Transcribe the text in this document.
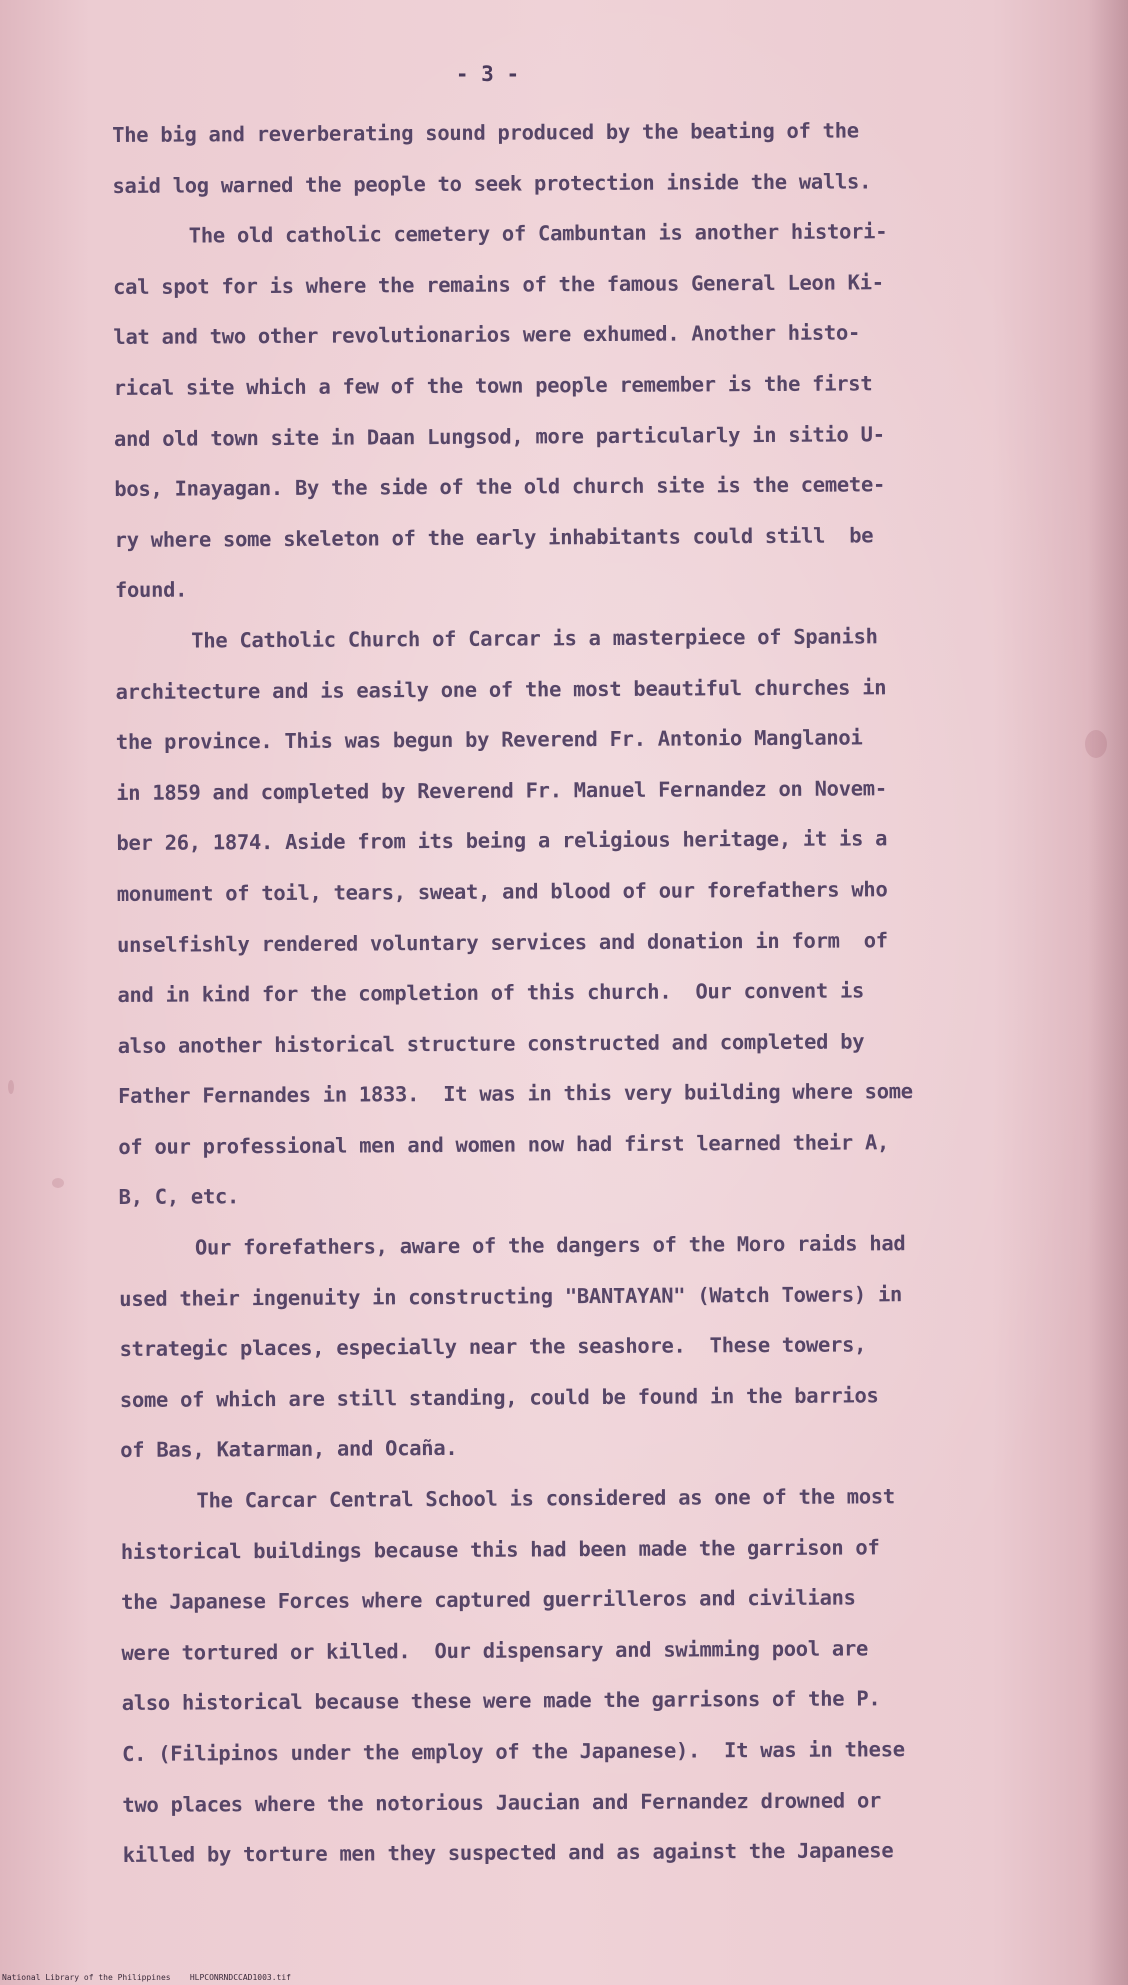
- 3 -
The big and reverberating sound produced by the beating of the
said log warned the people to seek protection inside the walls.
The old catholic cemetery of Cambuntan is another histori-
cal spot for is where the remains of the famous General Leon Ki-
lat and two other revolutionarios were exhumed. Another histo-
rical site which a few of the town people remember is the first
and old town site in Daan Lungsod, more particularly in sitio U-
bos, Inayagan. By the side of the old church site is the cemete-
ry where some skeleton of the early inhabitants could still  be
found.
The Catholic Church of Carcar is a masterpiece of Spanish
architecture and is easily one of the most beautiful churches in
the province. This was begun by Reverend Fr. Antonio Manglanoi
in 1859 and completed by Reverend Fr. Manuel Fernandez on Novem-
ber 26, 1874. Aside from its being a religious heritage, it is a
monument of toil, tears, sweat, and blood of our forefathers who
unselfishly rendered voluntary services and donation in form  of
and in kind for the completion of this church.  Our convent is
also another historical structure constructed and completed by
Father Fernandes in 1833.  It was in this very building where some
of our professional men and women now had first learned their A,
B, C, etc.
Our forefathers, aware of the dangers of the Moro raids had
used their ingenuity in constructing "BANTAYAN" (Watch Towers) in
strategic places, especially near the seashore.  These towers,
some of which are still standing, could be found in the barrios
of Bas, Katarman, and Ocaña.
The Carcar Central School is considered as one of the most
historical buildings because this had been made the garrison of
the Japanese Forces where captured guerrilleros and civilians
were tortured or killed.  Our dispensary and swimming pool are
also historical because these were made the garrisons of the P.
C. (Filipinos under the employ of the Japanese).  It was in these
two places where the notorious Jaucian and Fernandez drowned or
killed by torture men they suspected and as against the Japanese
National Library of the Philippines    HLPCONRNDCCAD1003.tif
